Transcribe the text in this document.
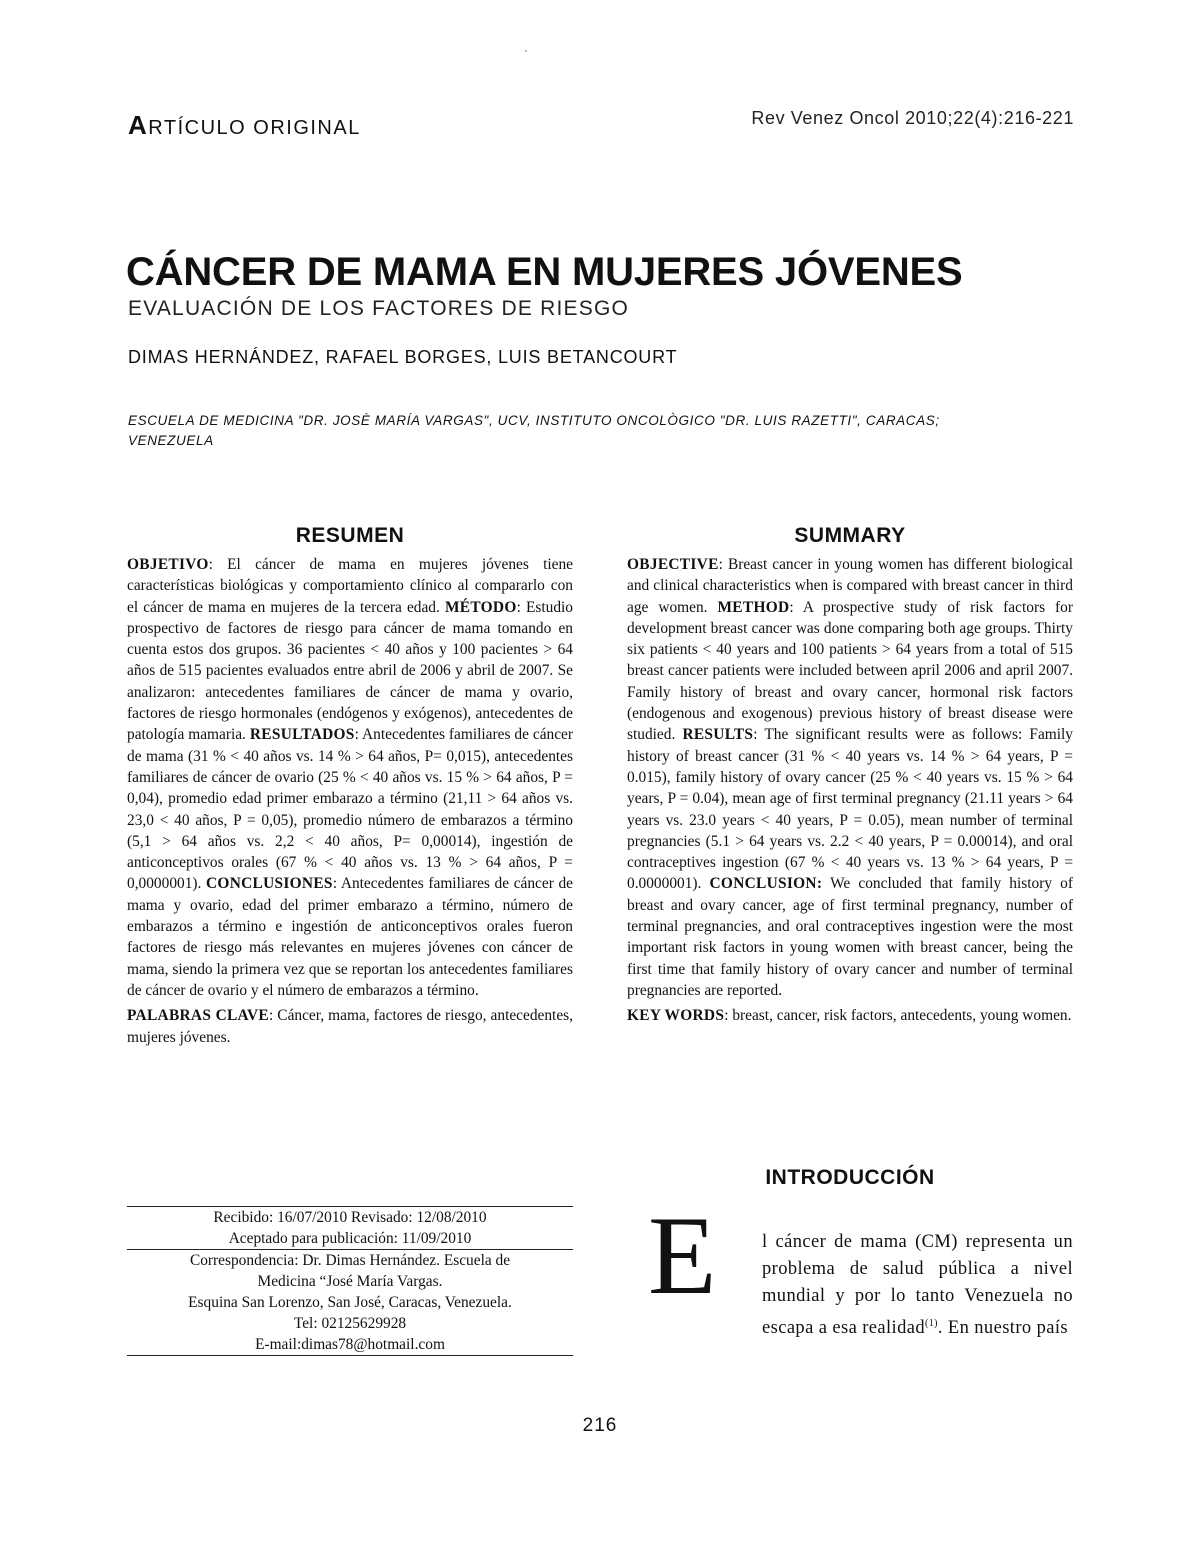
ARTÍCULO ORIGINAL	Rev Venez Oncol 2010;22(4):216-221
CÁNCER DE MAMA EN MUJERES JÓVENES
EVALUACIÓN DE LOS FACTORES DE RIESGO
DIMAS HERNÁNDEZ, RAFAEL BORGES, LUIS BETANCOURT
ESCUELA DE MEDICINA "DR. JOSÈ MARÍA VARGAS", UCV, INSTITUTO ONCOLÒGICO "DR. LUIS RAZETTI", CARACAS; VENEZUELA
RESUMEN

OBJETIVO: El cáncer de mama en mujeres jóvenes tiene características biológicas y comportamiento clínico al compararlo con el cáncer de mama en mujeres de la tercera edad. MÉTODO: Estudio prospectivo de factores de riesgo para cáncer de mama tomando en cuenta estos dos grupos. 36 pacientes < 40 años y 100 pacientes > 64 años de 515 pacientes evaluados entre abril de 2006 y abril de 2007. Se analizaron: antecedentes familiares de cáncer de mama y ovario, factores de riesgo hormonales (endógenos y exógenos), antecedentes de patología mamaria. RESULTADOS: Antecedentes familiares de cáncer de mama (31 % < 40 años vs. 14 % > 64 años, P= 0,015), antecedentes familiares de cáncer de ovario (25 % < 40 años vs. 15 % > 64 años, P = 0,04), promedio edad primer embarazo a término (21,11 > 64 años vs. 23,0 < 40 años, P = 0,05), promedio número de embarazos a término (5,1 > 64 años vs. 2,2 < 40 años, P= 0,00014), ingestión de anticonceptivos orales (67 % < 40 años vs. 13 % > 64 años, P = 0,0000001). CONCLUSIONES: Antecedentes familiares de cáncer de mama y ovario, edad del primer embarazo a término, número de embarazos a término e ingestión de anticonceptivos orales fueron factores de riesgo más relevantes en mujeres jóvenes con cáncer de mama, siendo la primera vez que se reportan los antecedentes familiares de cáncer de ovario y el número de embarazos a término.

PALABRAS CLAVE: Cáncer, mama, factores de riesgo, antecedentes, mujeres jóvenes.

SUMMARY

OBJECTIVE: Breast cancer in young women has different biological and clinical characteristics when is compared with breast cancer in third age women. METHOD: A prospective study of risk factors for development breast cancer was done comparing both age groups. Thirty six patients < 40 years and 100 patients > 64 years from a total of 515 breast cancer patients were included between april 2006 and april 2007. Family history of breast and ovary cancer, hormonal risk factors (endogenous and exogenous) previous history of breast disease were studied. RESULTS: The significant results were as follows: Family history of breast cancer (31 % < 40 years vs. 14 % > 64 years, P = 0.015), family history of ovary cancer (25 % < 40 years vs. 15 % > 64 years, P = 0.04), mean age of first terminal pregnancy (21.11 years > 64 years vs. 23.0 years < 40 years, P = 0.05), mean number of terminal pregnancies (5.1 > 64 years vs. 2.2 < 40 years, P = 0.00014), and oral contraceptives ingestion (67 % < 40 years vs. 13 % > 64 years, P = 0.0000001). CONCLUSION: We concluded that family history of breast and ovary cancer, age of first terminal pregnancy, number of terminal pregnancies, and oral contraceptives ingestion were the most important risk factors in young women with breast cancer, being the first time that family history of ovary cancer and number of terminal pregnancies are reported.

KEY WORDS: breast, cancer, risk factors, antecedents, young women.

Recibido: 16/07/2010 Revisado: 12/08/2010
Aceptado para publicación: 11/09/2010
Correspondencia: Dr. Dimas Hernández. Escuela de
Medicina “José María Vargas.
Esquina San Lorenzo, San José, Caracas, Venezuela.
Tel: 02125629928
E-mail:dimas78@hotmail.com
INTRODUCCIÓN
E l cáncer de mama (CM) representa un problema de salud pública a nivel mundial y por lo tanto Venezuela no escapa a esa realidad$^{(1)}$. En nuestro país
216
